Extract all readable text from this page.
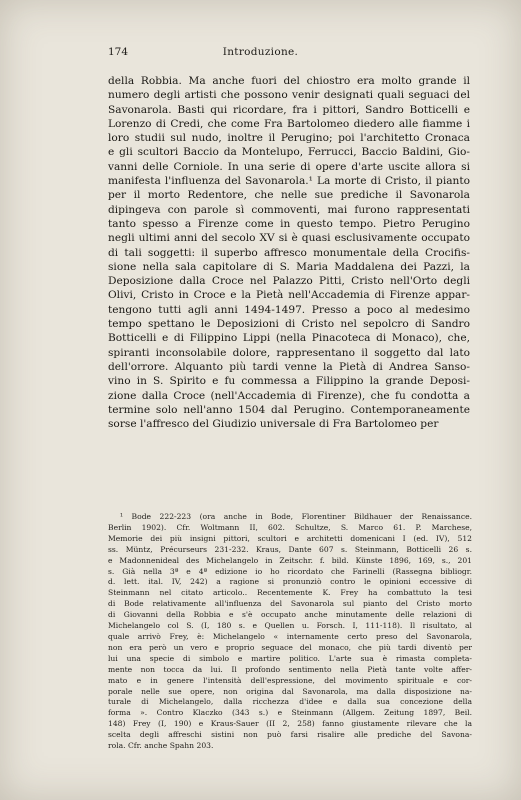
174	Introduzione.

della Robbia. Ma anche fuori del chiostro era molto grande il

numero degli artisti che possono venir designati quali seguaci del

Savonarola. Basti qui ricordare, fra i pittori, Sandro Botticelli e

Lorenzo di Credi, che come Fra Bartolomeo diedero alle fiamme i

loro studii sul nudo, inoltre il Perugino; poi l'architetto Cronaca

e gli scultori Baccio da Montelupo, Ferrucci, Baccio Baldini, Gio-

vanni delle Corniole. In una serie di opere d'arte uscite allora si

manifesta l'influenza del Savonarola.¹ La morte di Cristo, il pianto

per il morto Redentore, che nelle sue prediche il Savonarola

dipingeva con parole sì commoventi, mai furono rappresentati

tanto spesso a Firenze come in questo tempo. Pietro Perugino

negli ultimi anni del secolo XV si è quasi esclusivamente occupato

di tali soggetti: il superbo affresco monumentale della Crocifis-

sione nella sala capitolare di S. Maria Maddalena dei Pazzi, la

Deposizione dalla Croce nel Palazzo Pitti, Cristo nell'Orto degli

Olivi, Cristo in Croce e la Pietà nell'Accademia di Firenze appar-

tengono tutti agli anni 1494-1497. Presso a poco al medesimo

tempo spettano le Deposizioni di Cristo nel sepolcro di Sandro

Botticelli e di Filippino Lippi (nella Pinacoteca di Monaco), che,

spiranti inconsolabile dolore, rappresentano il soggetto dal lato

dell'orrore. Alquanto più tardi venne la Pietà di Andrea Sanso-

vino in S. Spirito e fu commessa a Filippino la grande Deposi-

zione dalla Croce (nell'Accademia di Firenze), che fu condotta a

termine solo nell'anno 1504 dal Perugino. Contemporaneamente

sorse l'affresco del Giudizio universale di Fra Bartolomeo per

¹ Bode 222-223 (ora anche in Bode, Florentiner Bildhauer der Renaissance.

Berlin 1902). Cfr. Woltmann II, 602. Schultze, S. Marco 61. P. Marchese,

Memorie dei più insigni pittori, scultori e architetti domenicani I (ed. IV), 512

ss. Müntz, Précurseurs 231-232. Kraus, Dante 607 s. Steinmann, Botticelli 26 s.

e Madonnenideal des Michelangelo in Zeitschr. f. bild. Künste 1896, 169, s., 201

s. Già nella 3ª e 4ª edizione io ho ricordato che Farinelli (Rassegna bibliogr.

d. lett. ital. IV, 242) a ragione si pronunziò contro le opinioni eccessive di

Steinmann nel citato articolo.. Recentemente K. Frey ha combattuto la tesi

di Bode relativamente all'influenza del Savonarola sul pianto del Cristo morto

di Giovanni della Robbia e s'è occupato anche minutamente delle relazioni di

Michelangelo col S. (I, 180 s. e Quellen u. Forsch. I, 111-118). Il risultato, al

quale arrivò Frey, è: Michelangelo « internamente certo preso del Savonarola,

non era però un vero e proprio seguace del monaco, che più tardi diventò per

lui una specie di simbolo e martire politico. L'arte sua è rimasta completa-

mente non tocca da lui. Il profondo sentimento nella Pietà tante volte affer-

mato e in genere l'intensità dell'espressione, del movimento spirituale e cor-

porale nelle sue opere, non origina dal Savonarola, ma dalla disposizione na-

turale di Michelangelo, dalla ricchezza d'idee e dalla sua concezione della

forma ». Contro Klaczko (343 s.) e Steinmann (Allgem. Zeitung 1897, Beil.

148) Frey (I, 190) e Kraus-Sauer (II 2, 258) fanno giustamente rilevare che la

scelta degli affreschi sistini non può farsi risalire alle prediche del Savona-

rola. Cfr. anche Spahn 203.
